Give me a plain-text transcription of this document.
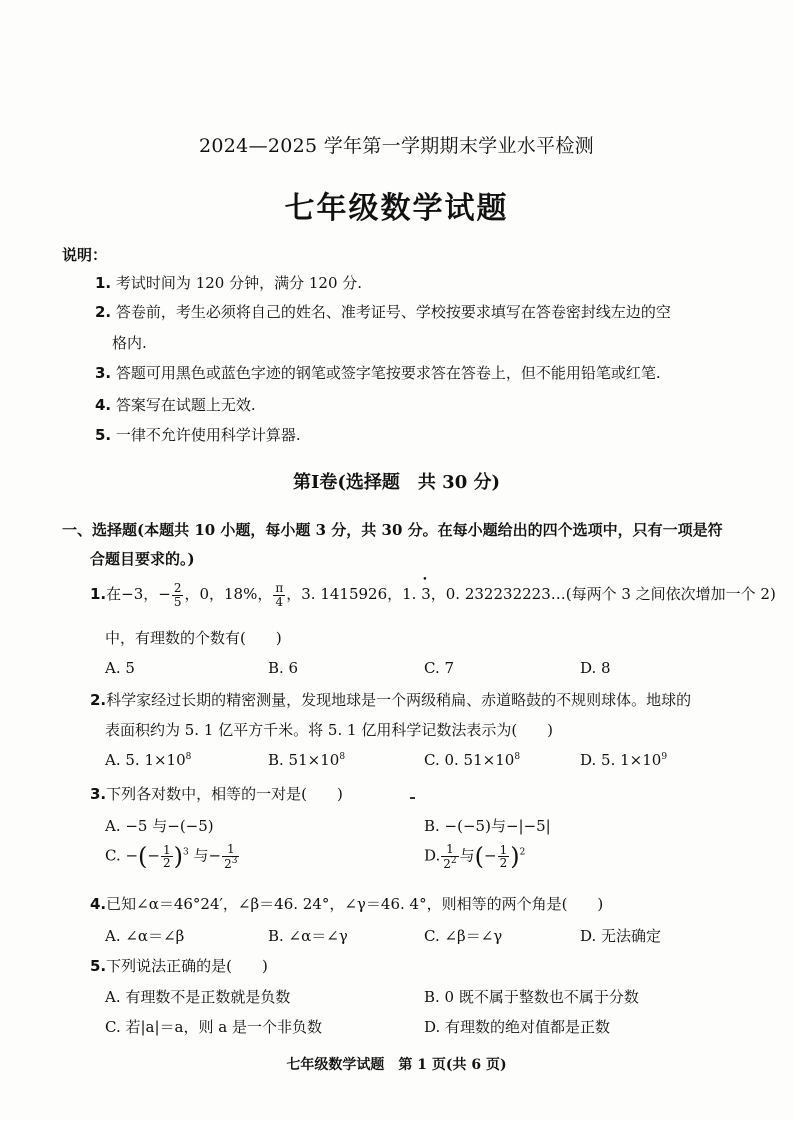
2024—2025 学年第一学期期末学业水平检测
七年级数学试题
说明：
1. 考试时间为 120 分钟，满分 120 分.
2. 答卷前，考生必须将自己的姓名、准考证号、学校按要求填写在答卷密封线左边的空
格内.
3. 答题可用黑色或蓝色字迹的钢笔或签字笔按要求答在答卷上，但不能用铅笔或红笔.
4. 答案写在试题上无效.
5. 一律不允许使用科学计算器.
第Ⅰ卷(选择题　共 30 分)
一、选择题(本题共 10 小题，每小题 3 分，共 30 分。在每小题给出的四个选项中，只有一项是符
合题目要求的。)
1.在−3，− $\frac{2}{5}$ ，0，18%， $\frac{\pi}{4}$ ，3. 1415926，1. • 3，0. 232232223…(每两个 3 之间依次增加一个 2)
中，有理数的个数有(　　)
A. 5	B. 6	C. 7	D. 8
2.科学家经过长期的精密测量，发现地球是一个两级稍扁、赤道略鼓的不规则球体。地球的
表面积约为 5. 1 亿平方千米。将 5. 1 亿用科学记数法表示为(　　)
A. 5. $1\times 10^8$	B. $51\times 10^8$	C. 0. $51\times 10^8$	D. 5. $1\times 10^9$
3.下列各对数中，相等的一对是(　　)
A. −5 与−(−5)	B. −(−5)与−|−5|
C. −(− $\frac{1}{2} )^3$ 与− $\frac{1}{2^3}$	D. $\frac{1}{2^2}$ 与(− $\frac{1}{2} )^2$
4.已知∠α＝46°24′，∠β＝46. 24°，∠γ＝46. 4°，则相等的两个角是(　　)
A. ∠α＝∠β	B. ∠α＝∠γ	C. ∠β＝∠γ	D. 无法确定
5.下列说法正确的是(　　)
A. 有理数不是正数就是负数	B. 0 既不属于整数也不属于分数
C. 若|a|＝a，则 a 是一个非负数	D. 有理数的绝对值都是正数
七年级数学试题　第 1 页(共 6 页)
